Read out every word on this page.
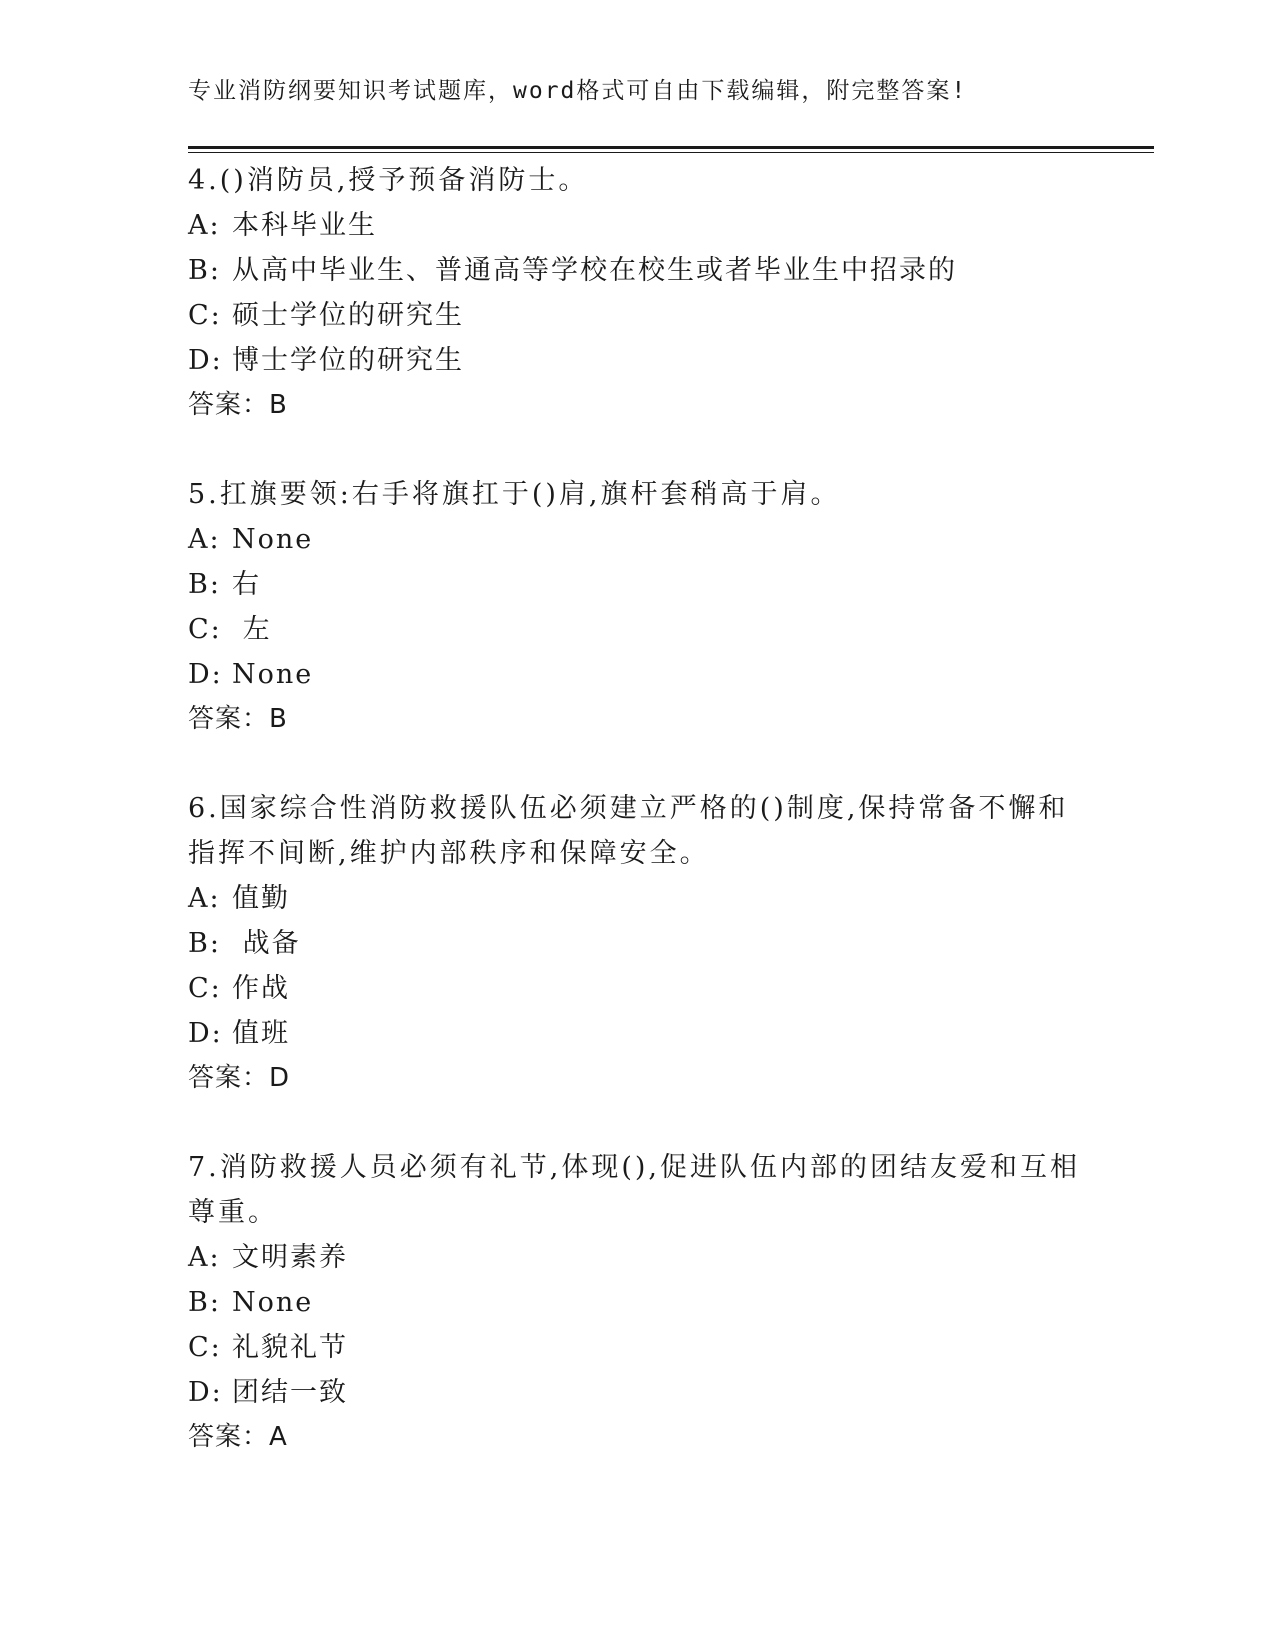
专业消防纲要知识考试题库，word格式可自由下载编辑，附完整答案!

4.()消防员,授予预备消防士。

A: 本科毕业生

B: 从高中毕业生、普通高等学校在校生或者毕业生中招录的

C: 硕士学位的研究生

D: 博士学位的研究生

答案：B

5.扛旗要领:右手将旗扛于()肩,旗杆套稍高于肩。

A: None

B: 右

C: 左

D: None

答案：B

6.国家综合性消防救援队伍必须建立严格的()制度,保持常备不懈和指挥不间断,维护内部秩序和保障安全。

A: 值勤

B: 战备

C: 作战

D: 值班

答案：D

7.消防救援人员必须有礼节,体现(),促进队伍内部的团结友爱和互相尊重。

A: 文明素养

B: None

C: 礼貌礼节

D: 团结一致

答案：A
